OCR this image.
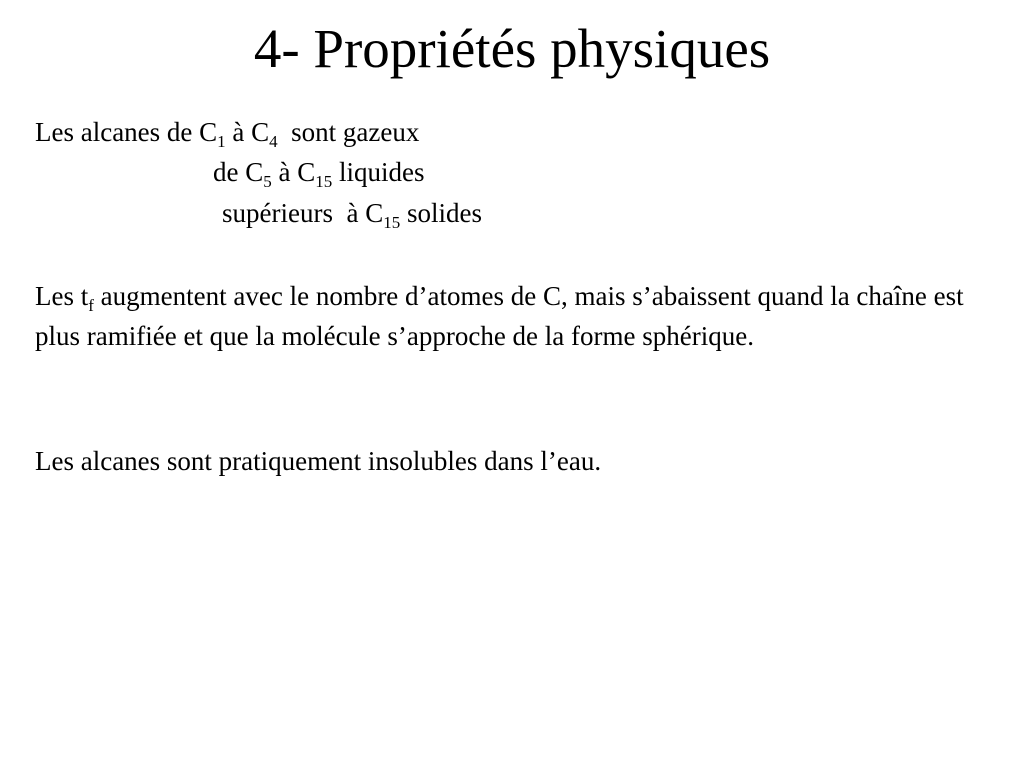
4- Propriétés physiques
Les alcanes de $C_1$ à $C_4$  sont gazeux
de $C_5$ à $C_{15}$ liquides
supérieurs  à $C_{15}$ solides
Les $t_f$ augmentent avec le nombre d’atomes de C, mais s’abaissent quand la chaîne est plus ramifiée et que la molécule s’approche de la forme sphérique.
Les alcanes sont pratiquement insolubles dans l’eau.
